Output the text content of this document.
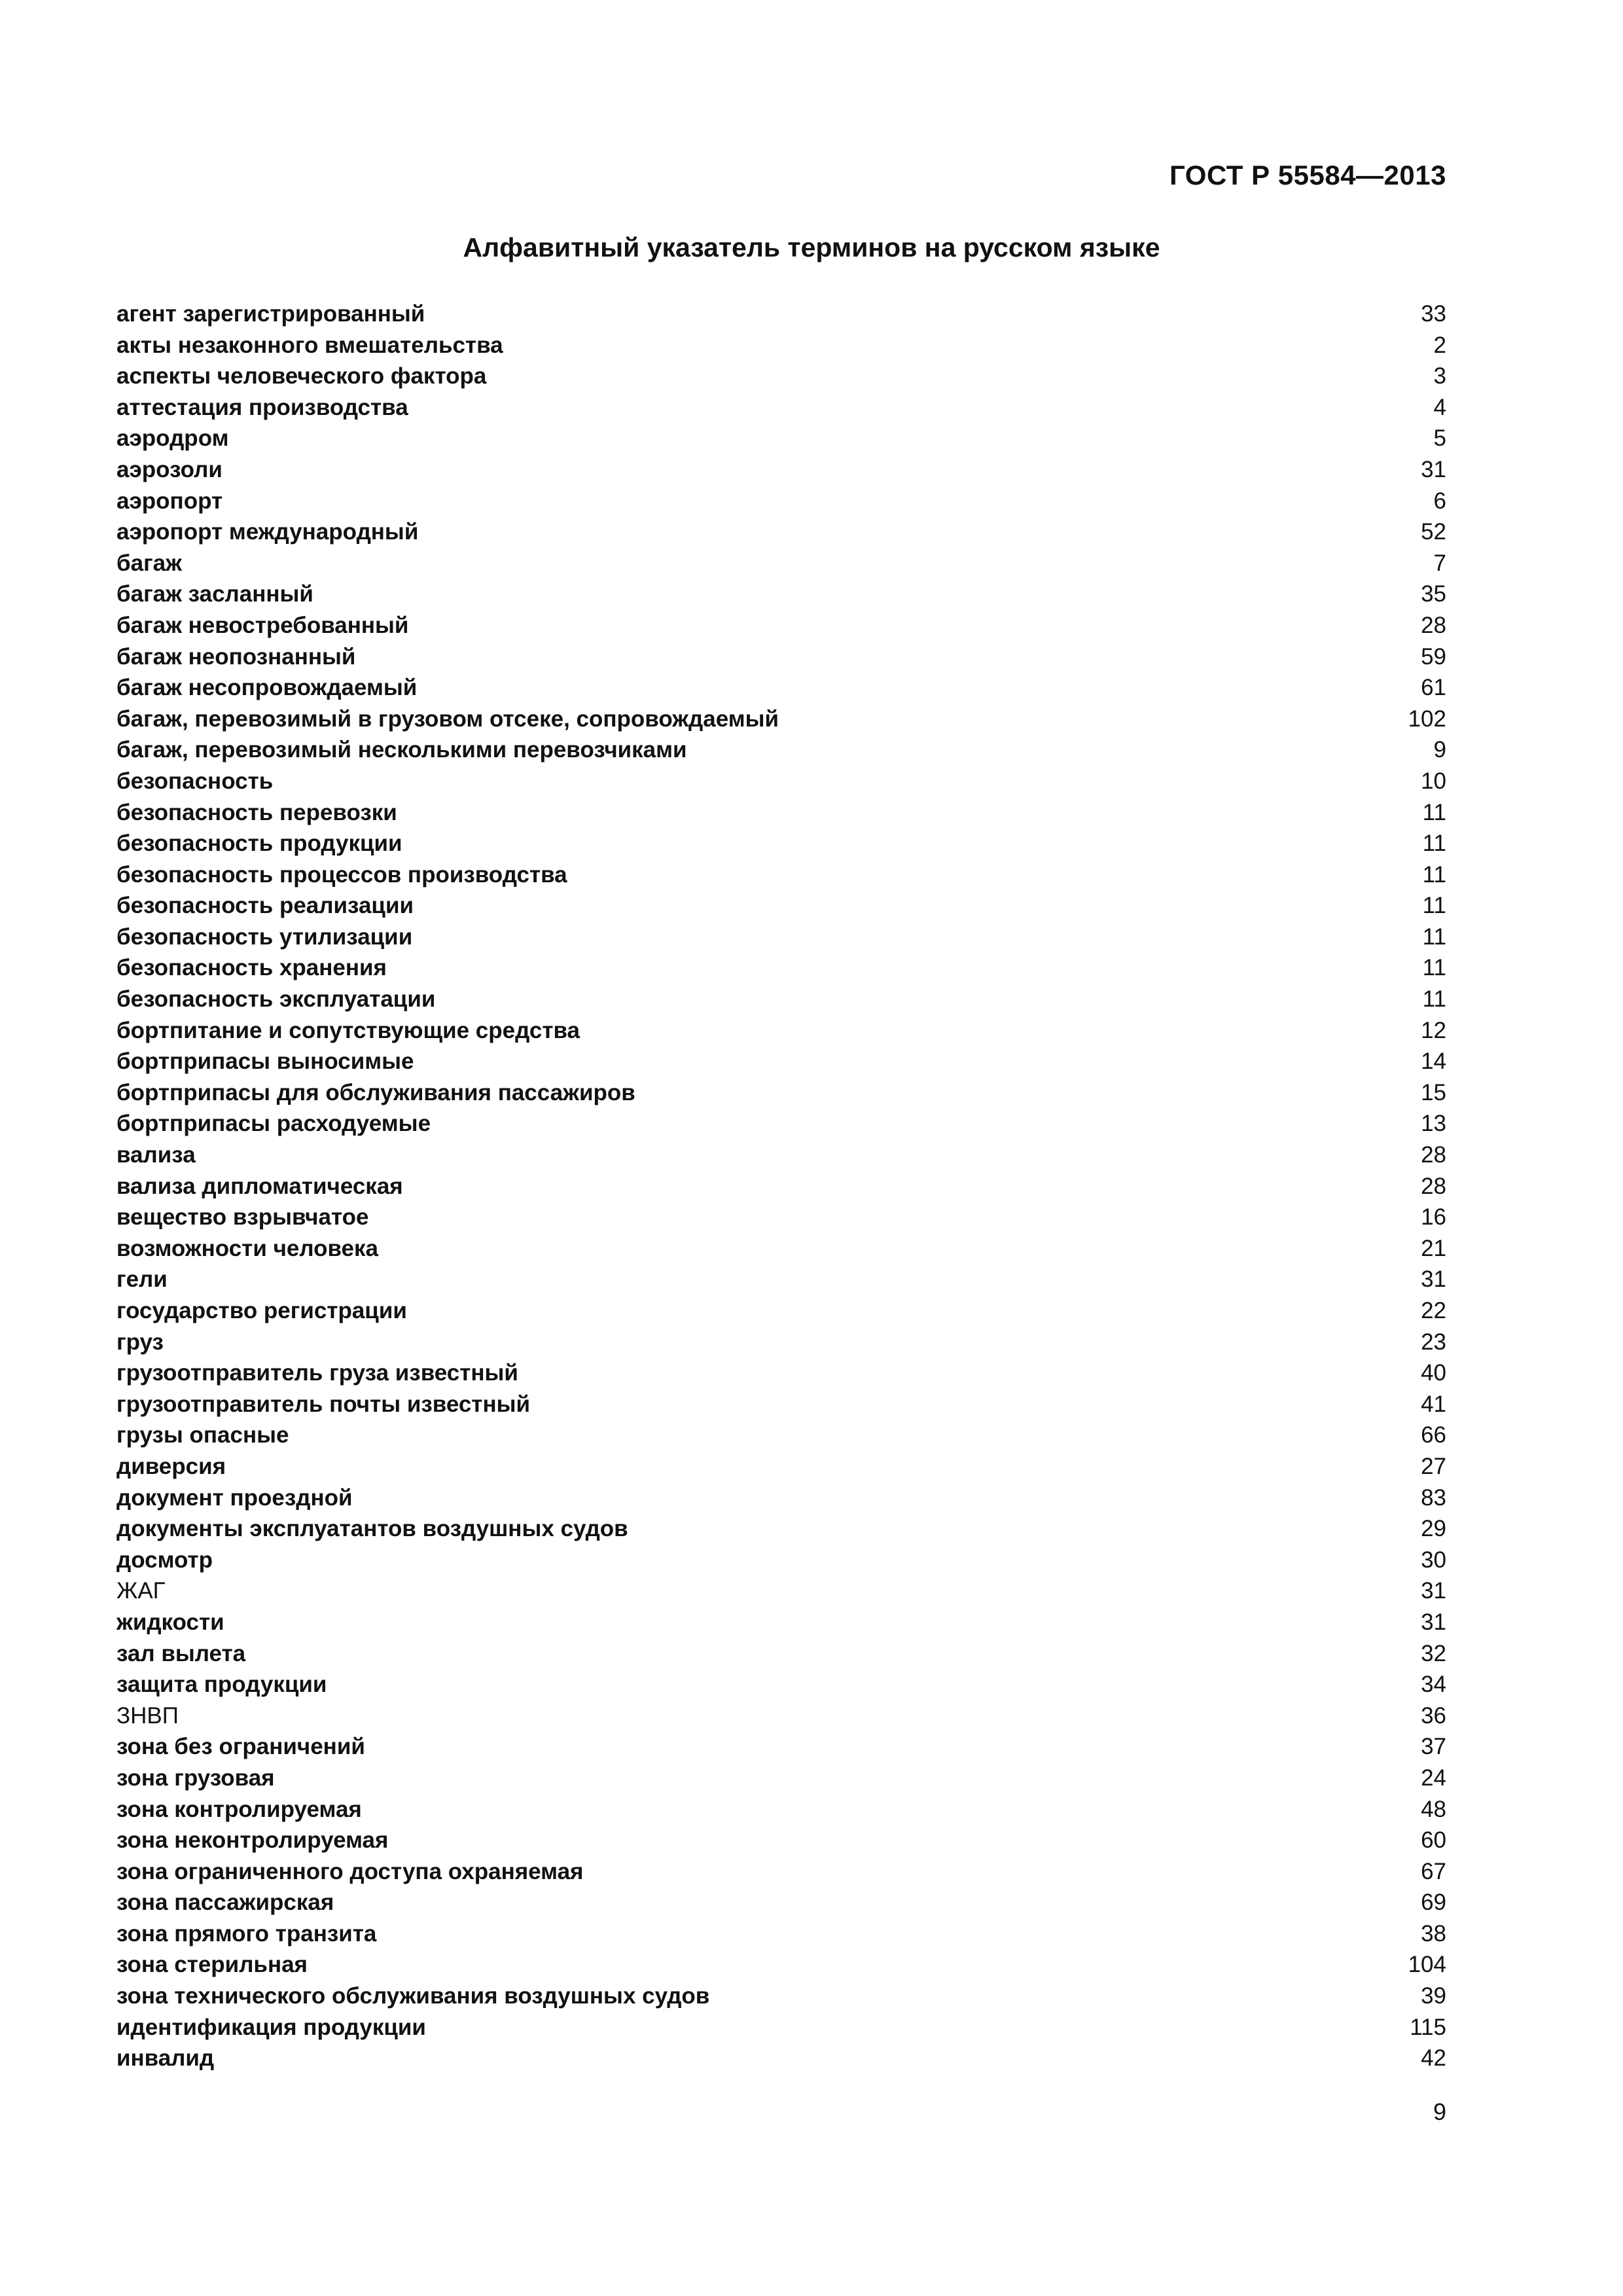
ГОСТ Р 55584—2013
Алфавитный указатель терминов на русском языке
агент зарегистрированный	33
акты незаконного вмешательства	2
аспекты человеческого фактора	3
аттестация производства	4
аэродром	5
аэрозоли	31
аэропорт	6
аэропорт международный	52
багаж	7
багаж засланный	35
багаж невостребованный	28
багаж неопознанный	59
багаж несопровождаемый	61
багаж, перевозимый в грузовом отсеке, сопровождаемый	102
багаж, перевозимый несколькими перевозчиками	9
безопасность	10
безопасность перевозки	11
безопасность продукции	11
безопасность процессов производства	11
безопасность реализации	11
безопасность утилизации	11
безопасность хранения	11
безопасность эксплуатации	11
бортпитание и сопутствующие средства	12
бортприпасы выносимые	14
бортприпасы для обслуживания пассажиров	15
бортприпасы расходуемые	13
вализа	28
вализа дипломатическая	28
вещество взрывчатое	16
возможности человека	21
гели	31
государство регистрации	22
груз	23
грузоотправитель груза известный	40
грузоотправитель почты известный	41
грузы опасные	66
диверсия	27
документ проездной	83
документы эксплуатантов воздушных судов	29
досмотр	30
ЖАГ	31
жидкости	31
зал вылета	32
защита продукции	34
ЗНВП	36
зона без ограничений	37
зона грузовая	24
зона контролируемая	48
зона неконтролируемая	60
зона ограниченного доступа охраняемая	67
зона пассажирская	69
зона прямого транзита	38
зона стерильная	104
зона технического обслуживания воздушных судов	39
идентификация продукции	115
инвалид	42
9
